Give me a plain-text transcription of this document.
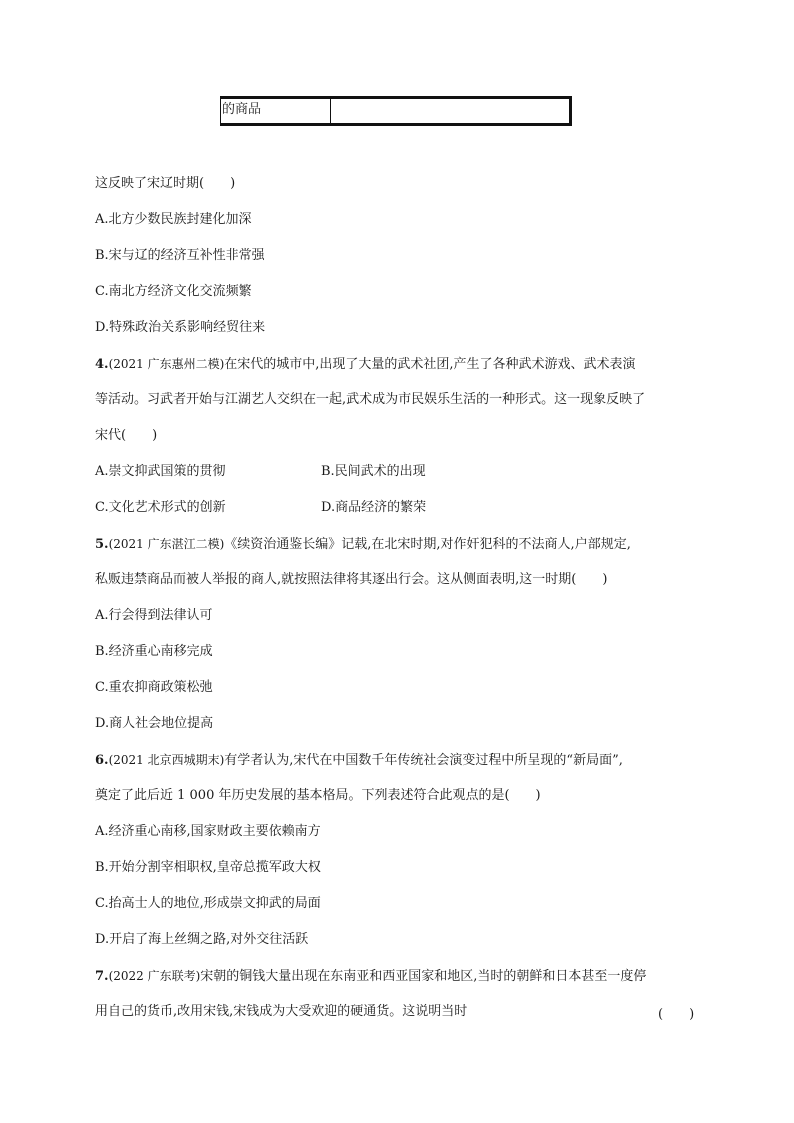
的商品
这反映了宋辽时期(　　)
A.北方少数民族封建化加深
B.宋与辽的经济互补性非常强
C.南北方经济文化交流频繁
D.特殊政治关系影响经贸往来
4.(2021 广东惠州二模)在宋代的城市中,出现了大量的武术社团,产生了各种武术游戏、武术表演
等活动。习武者开始与江湖艺人交织在一起,武术成为市民娱乐生活的一种形式。这一现象反映了
宋代(　　)
A.崇文抑武国策的贯彻	B.民间武术的出现
C.文化艺术形式的创新	D.商品经济的繁荣
5.(2021 广东湛江二模)《续资治通鉴长编》记载,在北宋时期,对作奸犯科的不法商人,户部规定,
私贩违禁商品而被人举报的商人,就按照法律将其逐出行会。这从侧面表明,这一时期(　　)
A.行会得到法律认可
B.经济重心南移完成
C.重农抑商政策松弛
D.商人社会地位提高
6.(2021 北京西城期末)有学者认为,宋代在中国数千年传统社会演变过程中所呈现的“新局面”,
奠定了此后近 1 000 年历史发展的基本格局。下列表述符合此观点的是(　　)
A.经济重心南移,国家财政主要依赖南方
B.开始分割宰相职权,皇帝总揽军政大权
C.抬高士人的地位,形成崇文抑武的局面
D.开启了海上丝绸之路,对外交往活跃
7.(2022 广东联考)宋朝的铜钱大量出现在东南亚和西亚国家和地区,当时的朝鲜和日本甚至一度停
用自己的货币,改用宋钱,宋钱成为大受欢迎的硬通货。这说明当时	(　　)
